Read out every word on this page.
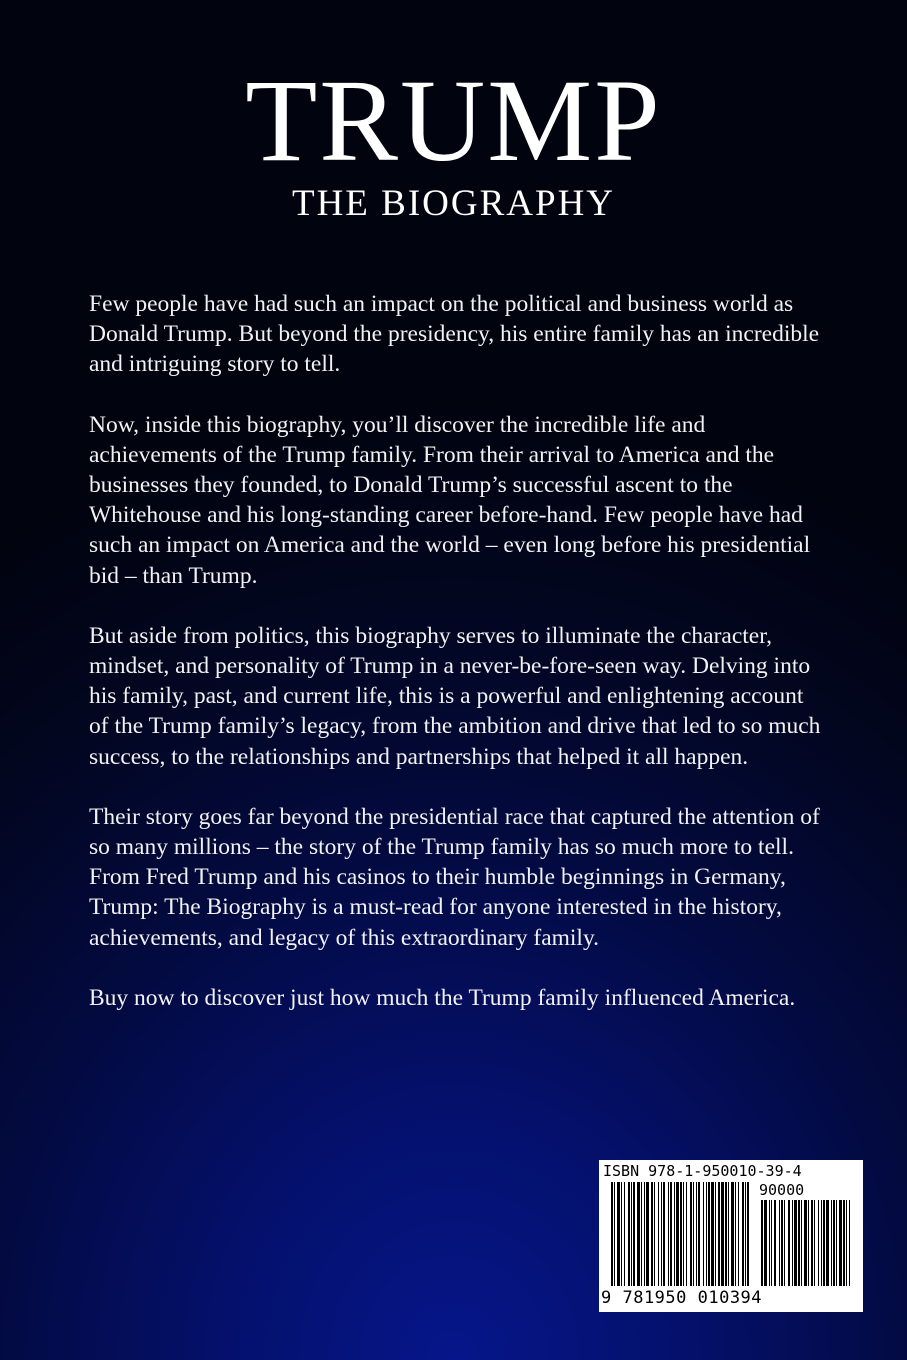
TRUMP
THE BIOGRAPHY

Few people have had such an impact on the political and business world as Donald Trump. But beyond the presidency, his entire family has an incredible and intriguing story to tell.

Now, inside this biography, you’ll discover the incredible life and achievements of the Trump family. From their arrival to America and the businesses they founded, to Donald Trump’s successful ascent to the Whitehouse and his long-standing career before-hand. Few people have had such an impact on America and the world – even long before his presidential bid – than Trump.

But aside from politics, this biography serves to illuminate the character, mindset, and personality of Trump in a never-be-fore-seen way. Delving into his family, past, and current life, this is a powerful and enlightening account of the Trump family’s legacy, from the ambition and drive that led to so much success, to the relationships and partnerships that helped it all happen.

Their story goes far beyond the presidential race that captured the attention of so many millions – the story of the Trump family has so much more to tell. From Fred Trump and his casinos to their humble beginnings in Germany, Trump: The Biography is a must-read for anyone interested in the history, achievements, and legacy of this extraordinary family.

Buy now to discover just how much the Trump family influenced America.

ISBN 978-1-950010-39-4
90000
9 781950 010394
